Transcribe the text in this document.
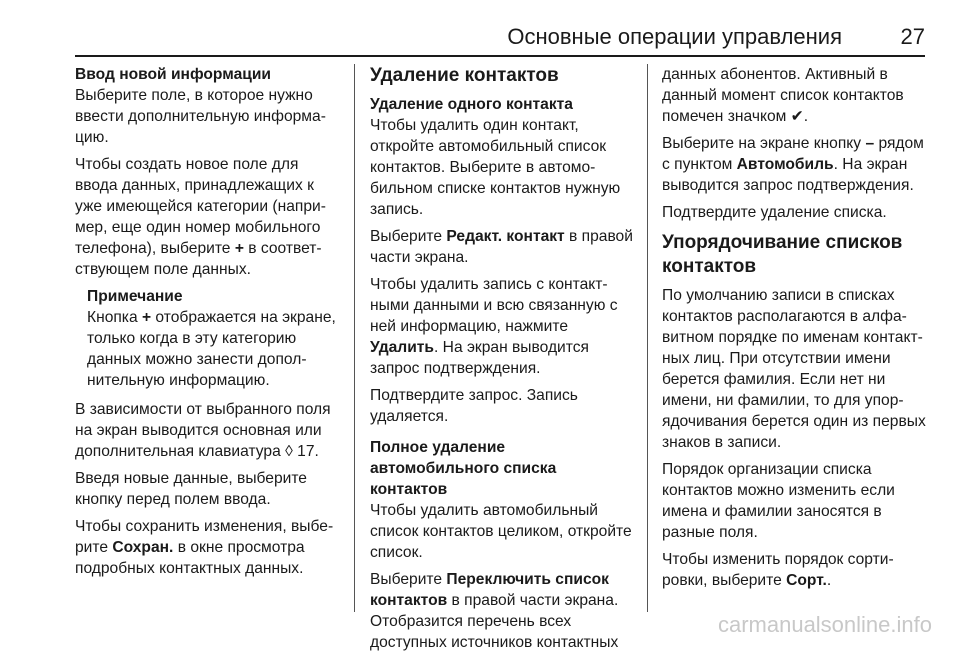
Основные операции управления	27

Ввод новой информации

Выберите поле, в которое нужно ввести дополнительную информацию.

Чтобы создать новое поле для ввода данных, принадлежащих к уже имеющейся категории (например, еще один номер мобильного телефона), выберите + в соответствующем поле данных.

Примечание
Кнопка + отображается на экране, только когда в эту категорию данных можно занести дополнительную информацию.

В зависимости от выбранного поля на экран выводится основная или дополнительная клавиатура ◊ 17.

Введя новые данные, выберите кнопку перед полем ввода.

Чтобы сохранить изменения, выберите Сохран. в окне просмотра подробных контактных данных.

Удаление контактов

Удаление одного контакта

Чтобы удалить один контакт, откройте автомобильный список контактов. Выберите в автомобильном списке контактов нужную запись.

Выберите Редакт. контакт в правой части экрана.

Чтобы удалить запись с контактными данными и всю связанную с ней информацию, нажмите Удалить. На экран выводится запрос подтверждения.

Подтвердите запрос. Запись удаляется.

Полное удаление автомобильного списка контактов

Чтобы удалить автомобильный список контактов целиком, откройте список.

Выберите Переключить список контактов в правой части экрана. Отобразится перечень всех доступных источников контактных

данных абонентов. Активный в данный момент список контактов помечен значком ✔.

Выберите на экране кнопку – рядом с пунктом Автомобиль. На экран выводится запрос подтверждения.

Подтвердите удаление списка.

Упорядочивание списков контактов

По умолчанию записи в списках контактов располагаются в алфавитном порядке по именам контактных лиц. При отсутствии имени берется фамилия. Если нет ни имени, ни фамилии, то для упорядочивания берется один из первых знаков в записи.

Порядок организации списка контактов можно изменить если имена и фамилии заносятся в разные поля.

Чтобы изменить порядок сортировки, выберите Сорт..

carmanualsonline.info
